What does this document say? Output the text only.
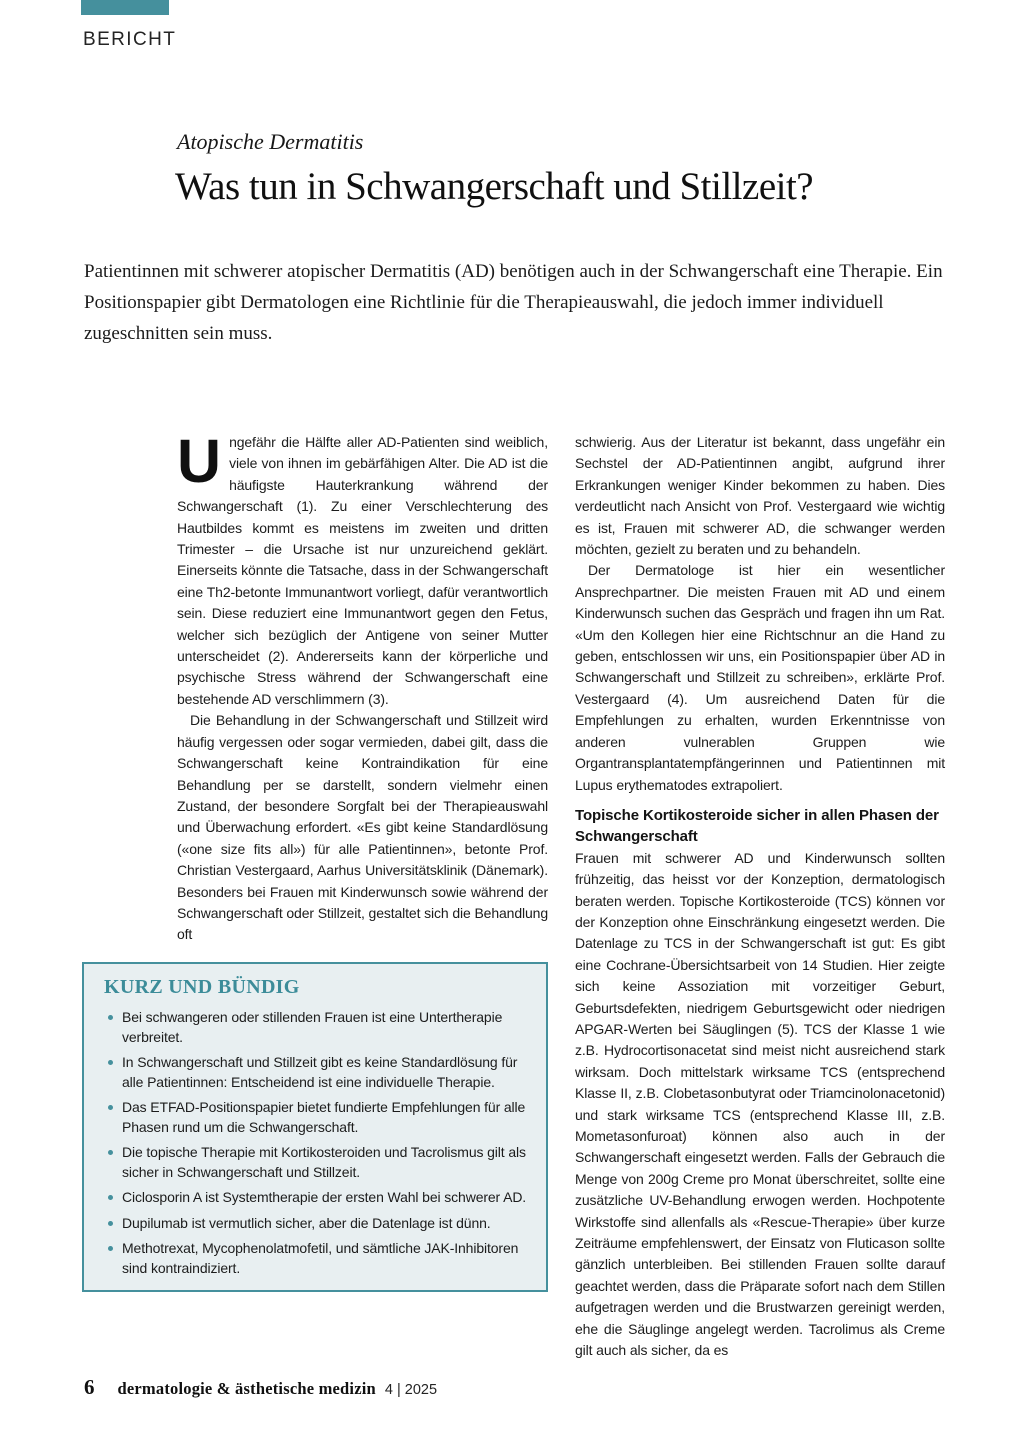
BERICHT
Atopische Dermatitis
Was tun in Schwangerschaft und Stillzeit?
Patientinnen mit schwerer atopischer Dermatitis (AD) benötigen auch in der Schwangerschaft eine Therapie. Ein Positionspapier gibt Dermatologen eine Richtlinie für die Therapieauswahl, die jedoch immer individuell zugeschnitten sein muss.

Ungefähr die Hälfte aller AD-Patienten sind weiblich, viele von ihnen im gebärfähigen Alter. Die AD ist die häufigste Hauterkrankung während der Schwangerschaft (1). Zu einer Verschlechterung des Hautbildes kommt es meistens im zweiten und dritten Trimester – die Ursache ist nur unzureichend geklärt. Einerseits könnte die Tatsache, dass in der Schwangerschaft eine Th2-betonte Immunantwort vorliegt, dafür verantwortlich sein. Diese reduziert eine Immunantwort gegen den Fetus, welcher sich bezüglich der Antigene von seiner Mutter unterscheidet (2). Andererseits kann der körperliche und psychische Stress während der Schwangerschaft eine bestehende AD verschlimmern (3).

Die Behandlung in der Schwangerschaft und Stillzeit wird häufig vergessen oder sogar vermieden, dabei gilt, dass die Schwangerschaft keine Kontraindikation für eine Behandlung per se darstellt, sondern vielmehr einen Zustand, der besondere Sorgfalt bei der Therapieauswahl und Überwachung erfordert. «Es gibt keine Standardlösung («one size fits all») für alle Patientinnen», betonte Prof. Christian Vestergaard, Aarhus Universitätsklinik (Dänemark). Besonders bei Frauen mit Kinderwunsch sowie während der Schwangerschaft oder Stillzeit, gestaltet sich die Behandlung oft

schwierig. Aus der Literatur ist bekannt, dass ungefähr ein Sechstel der AD-Patientinnen angibt, aufgrund ihrer Erkrankungen weniger Kinder bekommen zu haben. Dies verdeutlicht nach Ansicht von Prof. Vestergaard wie wichtig es ist, Frauen mit schwerer AD, die schwanger werden möchten, gezielt zu beraten und zu behandeln.

Der Dermatologe ist hier ein wesentlicher Ansprechpartner. Die meisten Frauen mit AD und einem Kinderwunsch suchen das Gespräch und fragen ihn um Rat. «Um den Kollegen hier eine Richtschnur an die Hand zu geben, entschlossen wir uns, ein Positionspapier über AD in Schwangerschaft und Stillzeit zu schreiben», erklärte Prof. Vestergaard (4). Um ausreichend Daten für die Empfehlungen zu erhalten, wurden Erkenntnisse von anderen vulnerablen Gruppen wie Organtransplantatempfängerinnen und Patientinnen mit Lupus erythematodes extrapoliert.

Topische Kortikosteroide sicher in allen Phasen der Schwangerschaft

Frauen mit schwerer AD und Kinderwunsch sollten frühzeitig, das heisst vor der Konzeption, dermatologisch beraten werden. Topische Kortikosteroide (TCS) können vor der Konzeption ohne Einschränkung eingesetzt werden. Die Datenlage zu TCS in der Schwangerschaft ist gut: Es gibt eine Cochrane-Übersichtsarbeit von 14 Studien. Hier zeigte sich keine Assoziation mit vorzeitiger Geburt, Geburtsdefekten, niedrigem Geburtsgewicht oder niedrigen APGAR-Werten bei Säuglingen (5). TCS der Klasse 1 wie z.B. Hydrocortisonacetat sind meist nicht ausreichend stark wirksam. Doch mittelstark wirksame TCS (entsprechend Klasse II, z.B. Clobetasonbutyrat oder Triamcinolonacetonid) und stark wirksame TCS (entsprechend Klasse III, z.B. Mometasonfuroat) können also auch in der Schwangerschaft eingesetzt werden. Falls der Gebrauch die Menge von 200g Creme pro Monat überschreitet, sollte eine zusätzliche UV-Behandlung erwogen werden. Hochpotente Wirkstoffe sind allenfalls als «Rescue-Therapie» über kurze Zeiträume empfehlenswert, der Einsatz von Fluticason sollte gänzlich unterbleiben. Bei stillenden Frauen sollte darauf geachtet werden, dass die Präparate sofort nach dem Stillen aufgetragen werden und die Brustwarzen gereinigt werden, ehe die Säuglinge angelegt werden. Tacrolimus als Creme gilt auch als sicher, da es

KURZ UND BÜNDIG
Bei schwangeren oder stillenden Frauen ist eine Untertherapie verbreitet.
In Schwangerschaft und Stillzeit gibt es keine Standardlösung für alle Patientinnen: Entscheidend ist eine individuelle Therapie.
Das ETFAD-Positionspapier bietet fundierte Empfehlungen für alle Phasen rund um die Schwangerschaft.
Die topische Therapie mit Kortikosteroiden und Tacrolismus gilt als sicher in Schwangerschaft und Stillzeit.
Ciclosporin A ist Systemtherapie der ersten Wahl bei schwerer AD.
Dupilumab ist vermutlich sicher, aber die Datenlage ist dünn.
Methotrexat, Mycophenolatmofetil, und sämtliche JAK-Inhibitoren sind kontraindiziert.
6 dermatologie & ästhetische medizin 4 | 2025
